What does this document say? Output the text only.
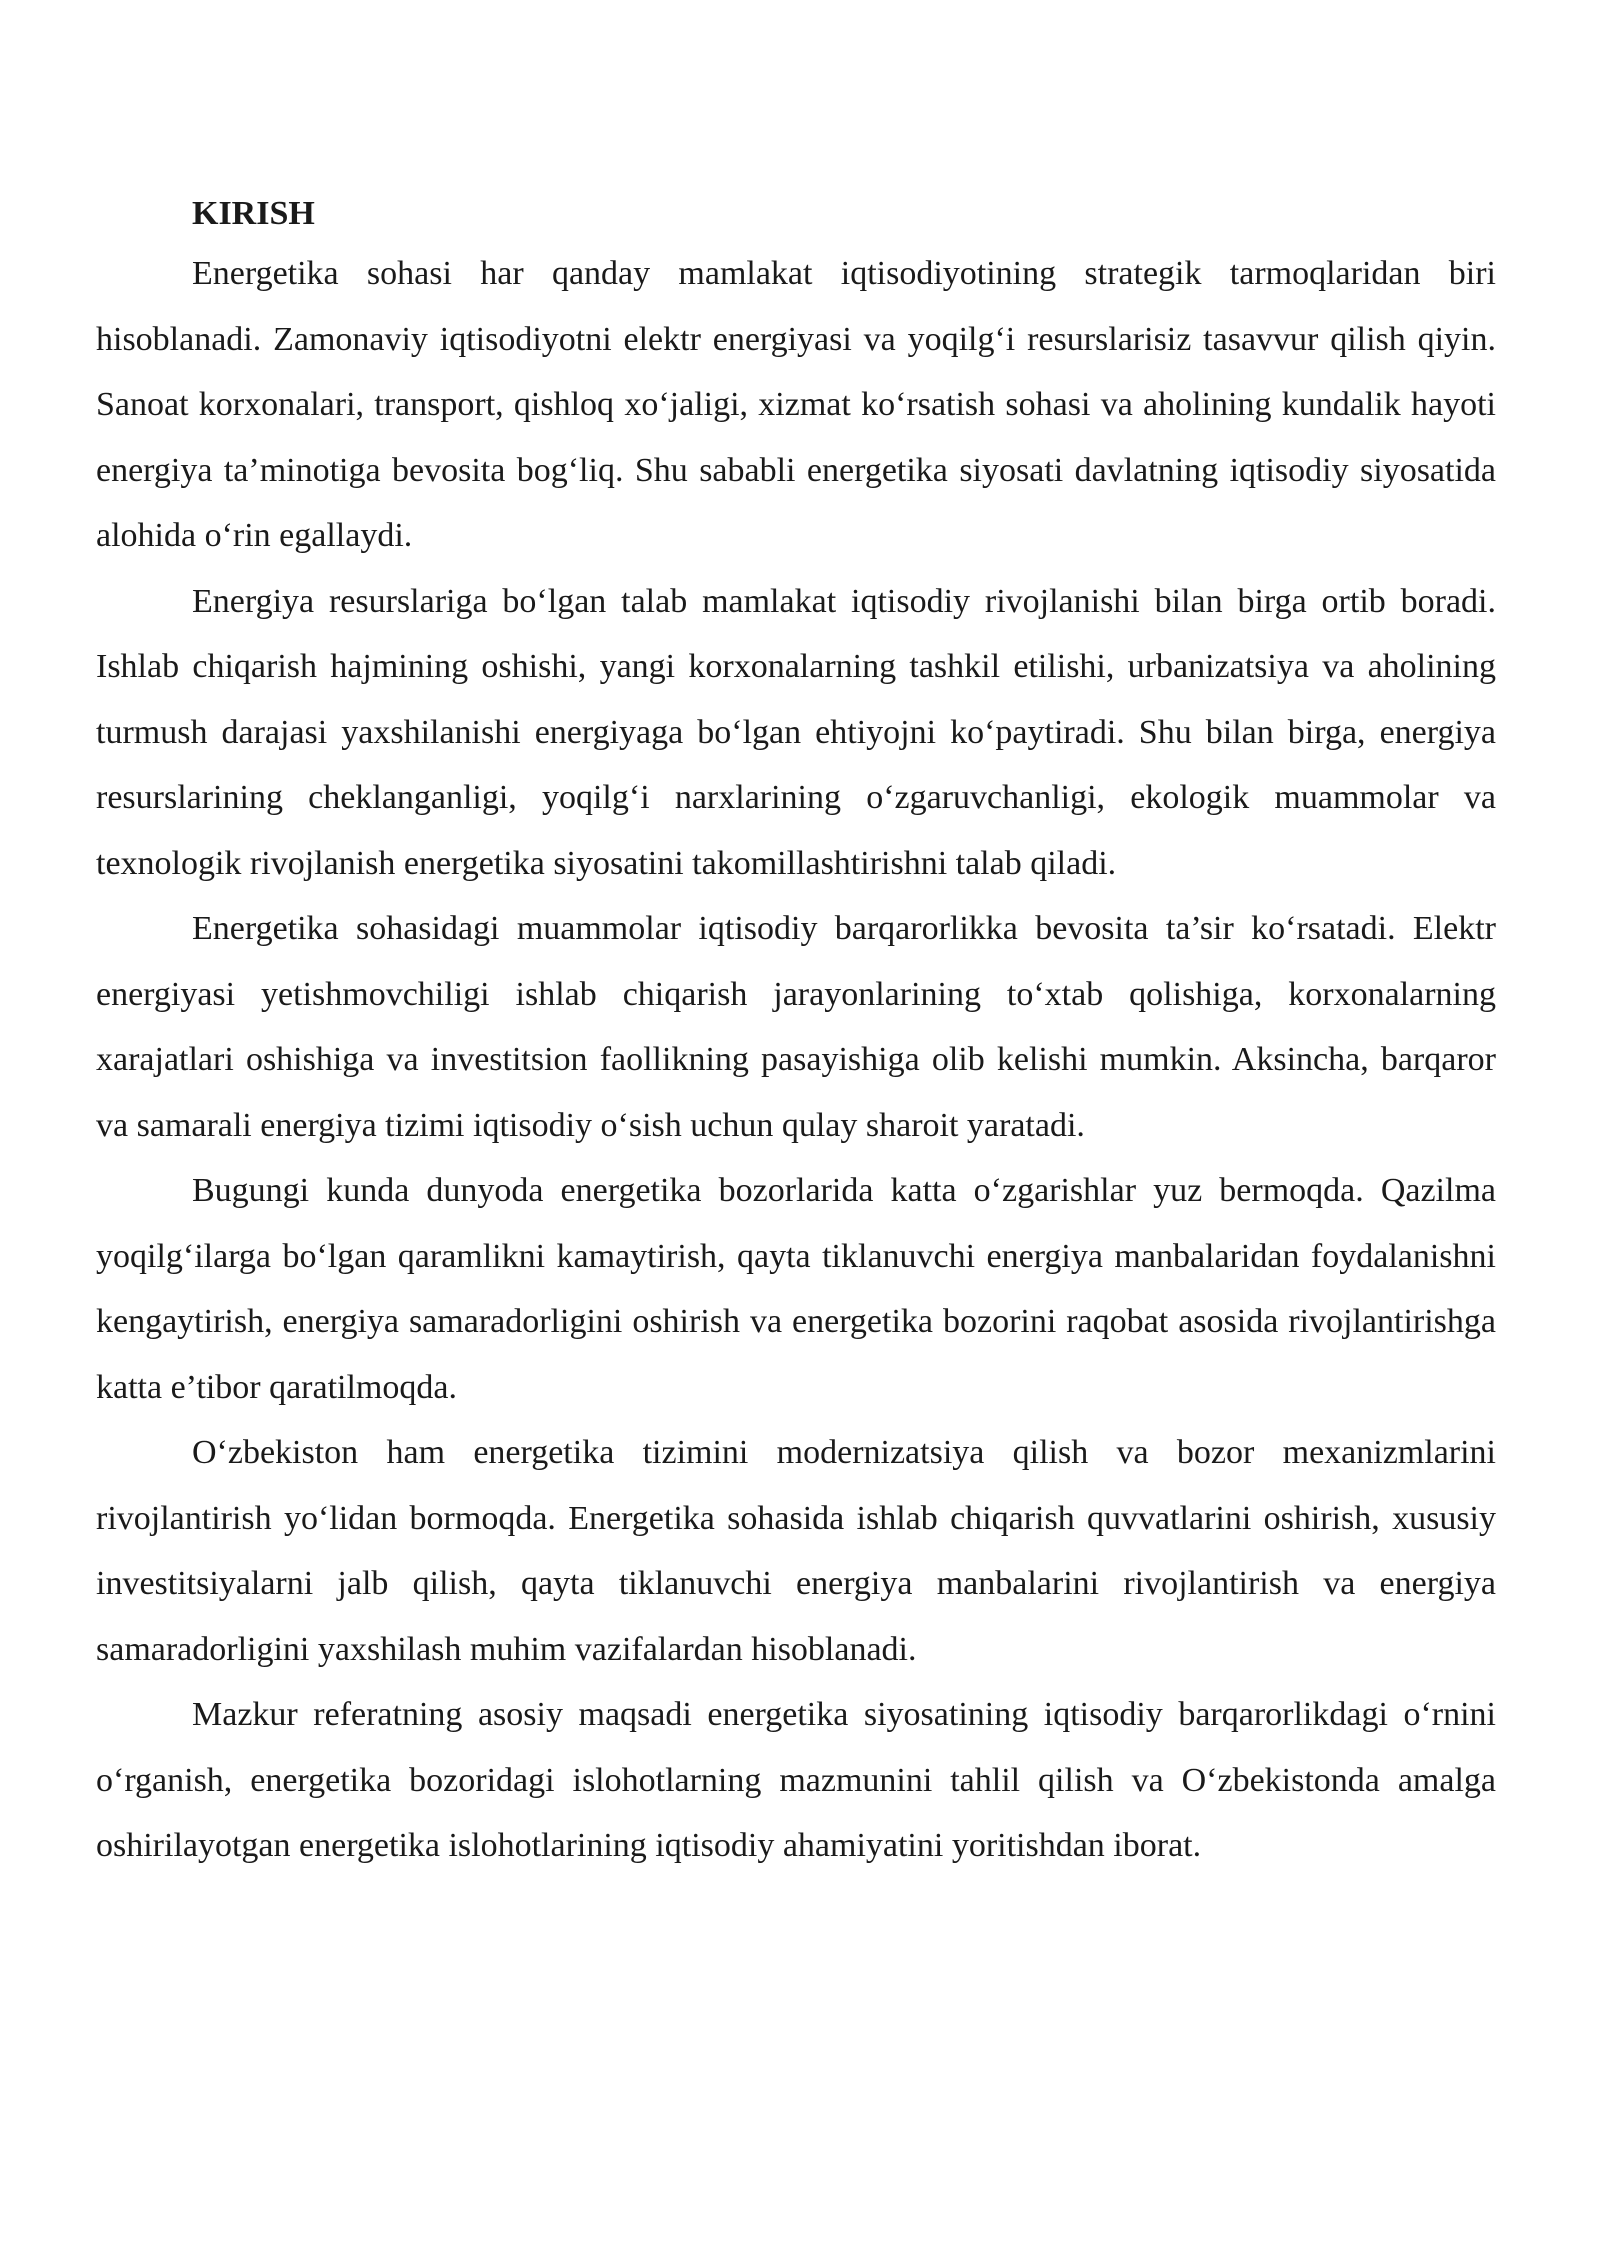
KIRISH

Energetika sohasi har qanday mamlakat iqtisodiyotining strategik tarmoqlaridan biri hisoblanadi. Zamonaviy iqtisodiyotni elektr energiyasi va yoqilg‘i resurslarisiz tasavvur qilish qiyin. Sanoat korxonalari, transport, qishloq xo‘jaligi, xizmat ko‘rsatish sohasi va aholining kundalik hayoti energiya ta’minotiga bevosita bog‘liq. Shu sababli energetika siyosati davlatning iqtisodiy siyosatida alohida o‘rin egallaydi.

Energiya resurslariga bo‘lgan talab mamlakat iqtisodiy rivojlanishi bilan birga ortib boradi. Ishlab chiqarish hajmining oshishi, yangi korxonalarning tashkil etilishi, urbanizatsiya va aholining turmush darajasi yaxshilanishi energiyaga bo‘lgan ehtiyojni ko‘paytiradi. Shu bilan birga, energiya resurslarining cheklanganligi, yoqilg‘i narxlarining o‘zgaruvchanligi, ekologik muammolar va texnologik rivojlanish energetika siyosatini takomillashtirishni talab qiladi.

Energetika sohasidagi muammolar iqtisodiy barqarorlikka bevosita ta’sir ko‘rsatadi. Elektr energiyasi yetishmovchiligi ishlab chiqarish jarayonlarining to‘xtab qolishiga, korxonalarning xarajatlari oshishiga va investitsion faollikning pasayishiga olib kelishi mumkin. Aksincha, barqaror va samarali energiya tizimi iqtisodiy o‘sish uchun qulay sharoit yaratadi.

Bugungi kunda dunyoda energetika bozorlarida katta o‘zgarishlar yuz bermoqda. Qazilma yoqilg‘ilarga bo‘lgan qaramlikni kamaytirish, qayta tiklanuvchi energiya manbalaridan foydalanishni kengaytirish, energiya samaradorligini oshirish va energetika bozorini raqobat asosida rivojlantirishga katta e’tibor qaratilmoqda.

O‘zbekiston ham energetika tizimini modernizatsiya qilish va bozor mexanizmlarini rivojlantirish yo‘lidan bormoqda. Energetika sohasida ishlab chiqarish quvvatlarini oshirish, xususiy investitsiyalarni jalb qilish, qayta tiklanuvchi energiya manbalarini rivojlantirish va energiya samaradorligini yaxshilash muhim vazifalardan hisoblanadi.

Mazkur referatning asosiy maqsadi energetika siyosatining iqtisodiy barqarorlikdagi o‘rnini o‘rganish, energetika bozoridagi islohotlarning mazmunini tahlil qilish va O‘zbekistonda amalga oshirilayotgan energetika islohotlarining iqtisodiy ahamiyatini yoritishdan iborat.
